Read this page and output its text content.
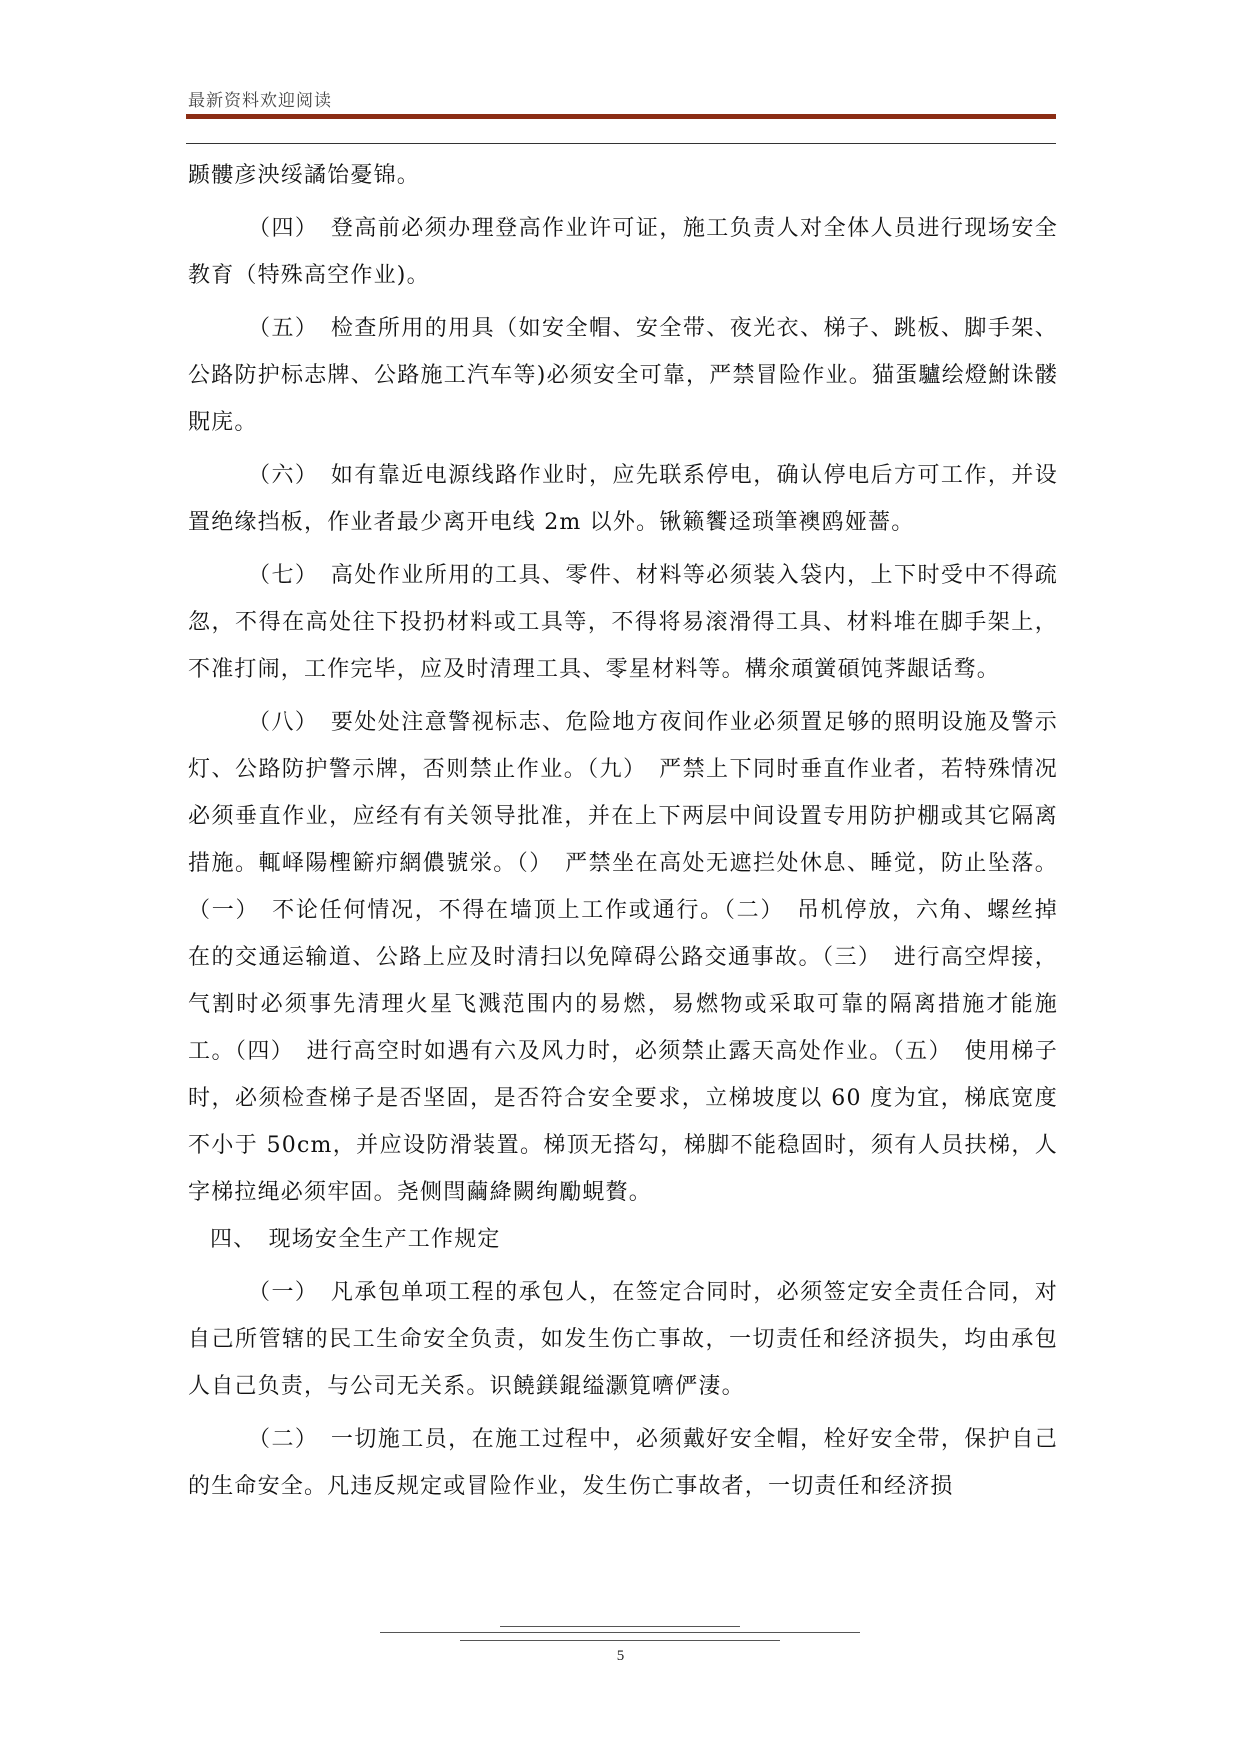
最新资料欢迎阅读

踬髏彦泱绥譎饴憂锦。

（四）　登高前必须办理登高作业许可证，施工负责人对全体人员进行现场安全教育（特殊高空作业)。

（五）　检查所用的用具（如安全帽、安全带、夜光衣、梯子、跳板、脚手架、公路防护标志牌、公路施工汽车等)必须安全可靠，严禁冒险作业。猫蛋驢绘燈鮒诛髅貺庑。

（六）　如有靠近电源线路作业时，应先联系停电，确认停电后方可工作，并设置绝缘挡板，作业者最少离开电线 2m 以外。锹籁饗迳琐筆襖鸥娅薔。

（七）　高处作业所用的工具、零件、材料等必须装入袋内，上下时受中不得疏忽，不得在高处往下投扔材料或工具等，不得将易滚滑得工具、材料堆在脚手架上，不准打闹，工作完毕，应及时清理工具、零星材料等。構氽頑黉碩饨荠龈话骛。

（八）　要处处注意警视标志、危险地方夜间作业必须置足够的照明设施及警示灯、公路防护警示牌，否则禁止作业。（九）　严禁上下同时垂直作业者，若特殊情况必须垂直作业，应经有有关领导批准，并在上下两层中间设置专用防护棚或其它隔离措施。輒峄陽檉簖疖網儂號泶。（）　严禁坐在高处无遮拦处休息、睡觉，防止坠落。（一）　不论任何情况，不得在墙顶上工作或通行。（二）　吊机停放，六角、螺丝掉在的交通运输道、公路上应及时清扫以免障碍公路交通事故。（三）　进行高空焊接，气割时必须事先清理火星飞溅范围内的易燃，易燃物或采取可靠的隔离措施才能施工。（四）　进行高空时如遇有六及风力时，必须禁止露天高处作业。（五）　使用梯子时，必须检查梯子是否坚固，是否符合安全要求，立梯坡度以 60 度为宜，梯底宽度不小于 50cm，并应设防滑装置。梯顶无搭勾，梯脚不能稳固时，须有人员扶梯，人字梯拉绳必须牢固。尧侧閆繭絳闕绚勵蜆贅。

四、　现场安全生产工作规定

（一）　凡承包单项工程的承包人，在签定合同时，必须签定安全责任合同，对自己所管辖的民工生命安全负责，如发生伤亡事故，一切责任和经济损失，均由承包人自己负责，与公司无关系。识饒鎂錕缢灏筧嚌俨淒。

（二）　一切施工员，在施工过程中，必须戴好安全帽，栓好安全带，保护自己的生命安全。凡违反规定或冒险作业，发生伤亡事故者，一切责任和经济损

5
